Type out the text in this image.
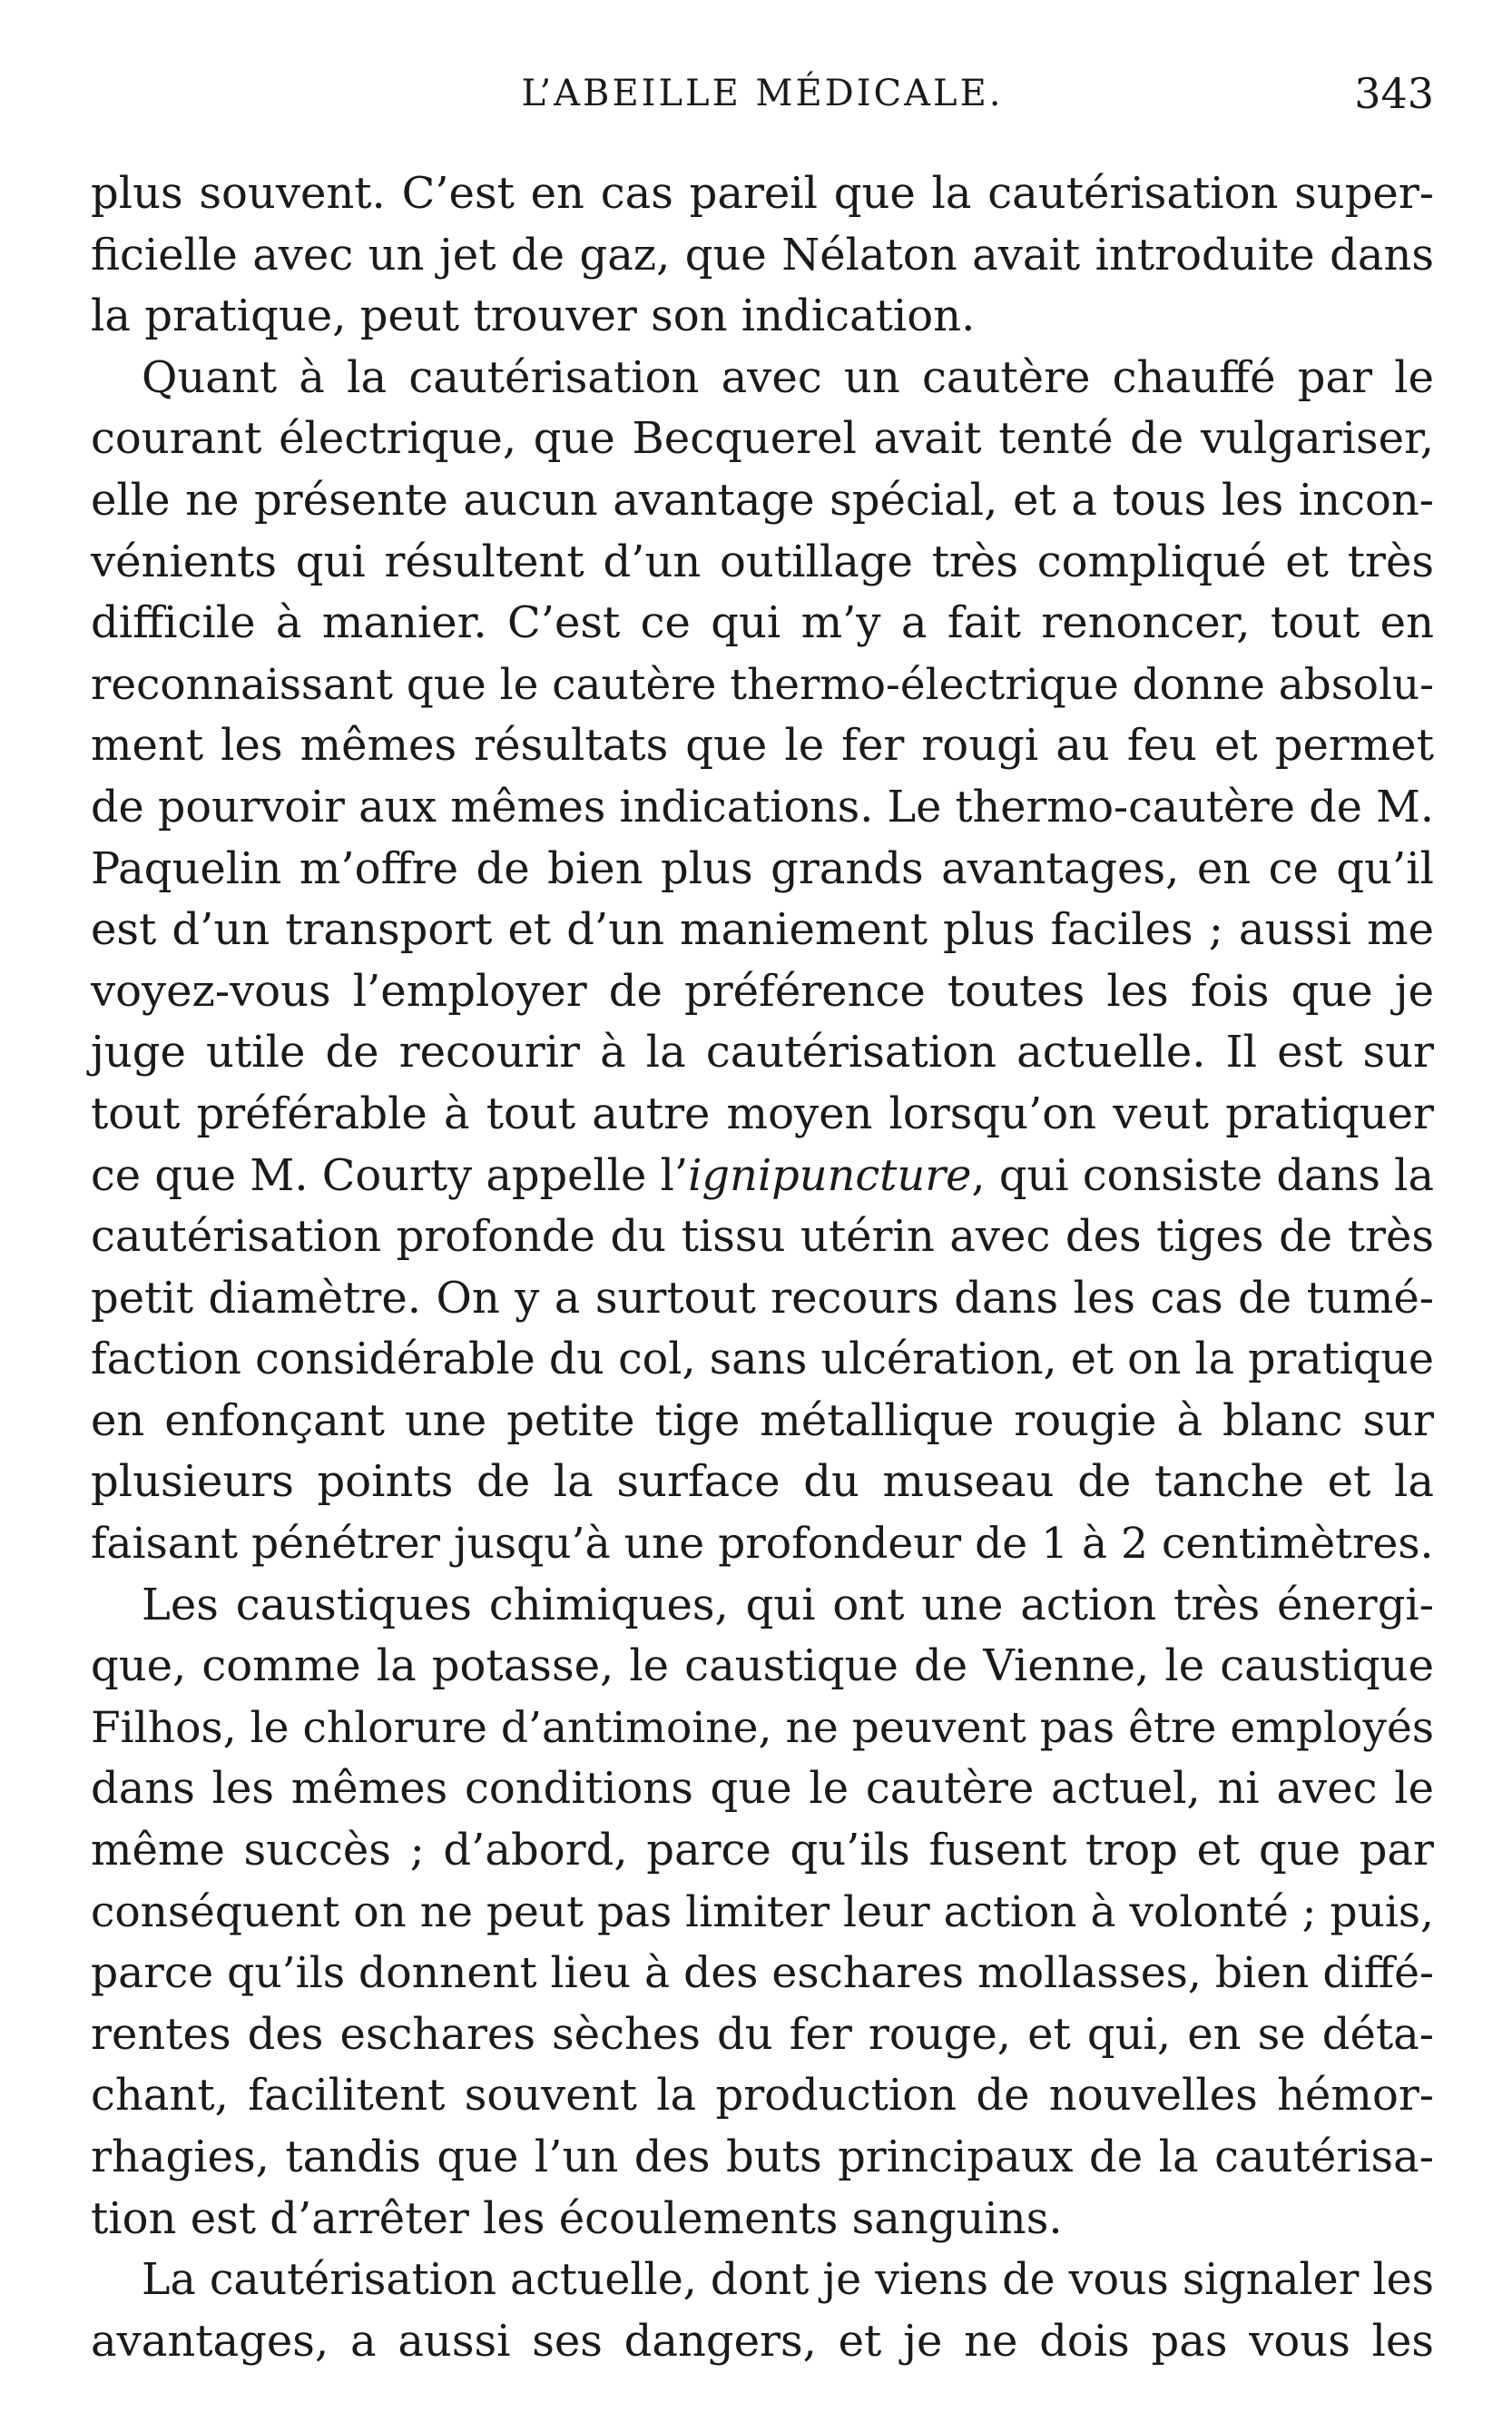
L’ABEILLE MÉDICALE.	343
plus souvent. C’est en cas pareil que la cautérisation super-
ficielle avec un jet de gaz, que Nélaton avait introduite dans
la pratique, peut trouver son indication.
Quant à la cautérisation avec un cautère chauffé par le
courant électrique, que Becquerel avait tenté de vulgariser,
elle ne présente aucun avantage spécial, et a tous les incon-
vénients qui résultent d’un outillage très compliqué et très
difficile à manier. C’est ce qui m’y a fait renoncer, tout en
reconnaissant que le cautère thermo-électrique donne absolu-
ment les mêmes résultats que le fer rougi au feu et permet
de pourvoir aux mêmes indications. Le thermo-cautère de M.
Paquelin m’offre de bien plus grands avantages, en ce qu’il
est d’un transport et d’un maniement plus faciles ; aussi me
voyez-vous l’employer de préférence toutes les fois que je
juge utile de recourir à la cautérisation actuelle. Il est sur
tout préférable à tout autre moyen lorsqu’on veut pratiquer
ce que M. Courty appelle l’ignipuncture, qui consiste dans la
cautérisation profonde du tissu utérin avec des tiges de très
petit diamètre. On y a surtout recours dans les cas de tumé-
faction considérable du col, sans ulcération, et on la pratique
en enfonçant une petite tige métallique rougie à blanc sur
plusieurs points de la surface du museau de tanche et la
faisant pénétrer jusqu’à une profondeur de 1 à 2 centimètres.
Les caustiques chimiques, qui ont une action très énergi-
que, comme la potasse, le caustique de Vienne, le caustique
Filhos, le chlorure d’antimoine, ne peuvent pas être employés
dans les mêmes conditions que le cautère actuel, ni avec le
même succès ; d’abord, parce qu’ils fusent trop et que par
conséquent on ne peut pas limiter leur action à volonté ; puis,
parce qu’ils donnent lieu à des eschares mollasses, bien diffé-
rentes des eschares sèches du fer rouge, et qui, en se déta-
chant, facilitent souvent la production de nouvelles hémor-
rhagies, tandis que l’un des buts principaux de la cautérisa-
tion est d’arrêter les écoulements sanguins.
La cautérisation actuelle, dont je viens de vous signaler les
avantages, a aussi ses dangers, et je ne dois pas vous les
